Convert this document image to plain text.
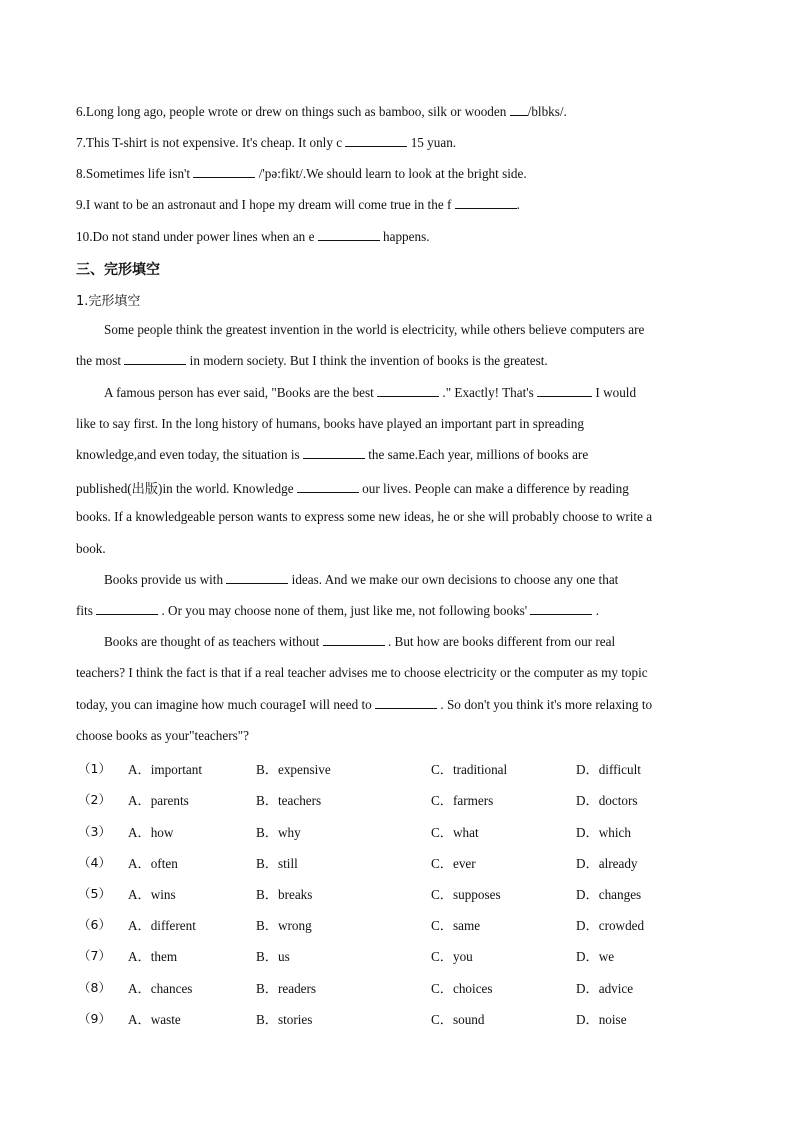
6.Long long ago, people wrote or drew on things such as bamboo, silk or wooden /blbks/.
7.This T-shirt is not expensive. It's cheap. It only c	15 yuan.
8.Sometimes life isn't	/'pə:fikt/.We should learn to look at the bright side.
9.I want to be an astronaut and I hope my dream will come true in the f	.
10.Do not stand under power lines when an e	happens.
三、完形填空
1.完形填空
Some people think the greatest invention in the world is electricity, while others believe computers are
the most	in modern society. But I think the invention of books is the greatest.
A famous person has ever said, "Books are the best	." Exactly! That's	I would
like to say first. In the long history of humans, books have played an important part in spreading
knowledge,and even today, the situation is	the same.Each year, millions of books are
published(出版)in the world. Knowledge	our lives. People can make a difference by reading
books. If a knowledgeable person wants to express some new ideas, he or she will probably choose to write a
book.
Books provide us with	ideas. And we make our own decisions to choose any one that
fits	. Or you may choose none of them, just like me, not following books'	.
Books are thought of as teachers without	. But how are books different from our real
teachers? I think the fact is that if a real teacher advises me to choose electricity or the computer as my topic
today, you can imagine how much courageI will need to	. So don't you think it's more relaxing to
choose books as your"teachers"?
（1） A．important	B．expensive	C．traditional	D．difficult
（2） A．parents	B．teachers	C．farmers	D．doctors
（3） A．how	B．why	C．what	D．which
（4） A．often	B．still	C．ever	D．already
（5） A．wins	B．breaks	C．supposes	D．changes
（6） A．different	B．wrong	C．same	D．crowded
（7） A．them	B．us	C．you	D．we
（8） A．chances	B．readers	C．choices	D．advice
（9） A．waste	B．stories	C．sound	D．noise
